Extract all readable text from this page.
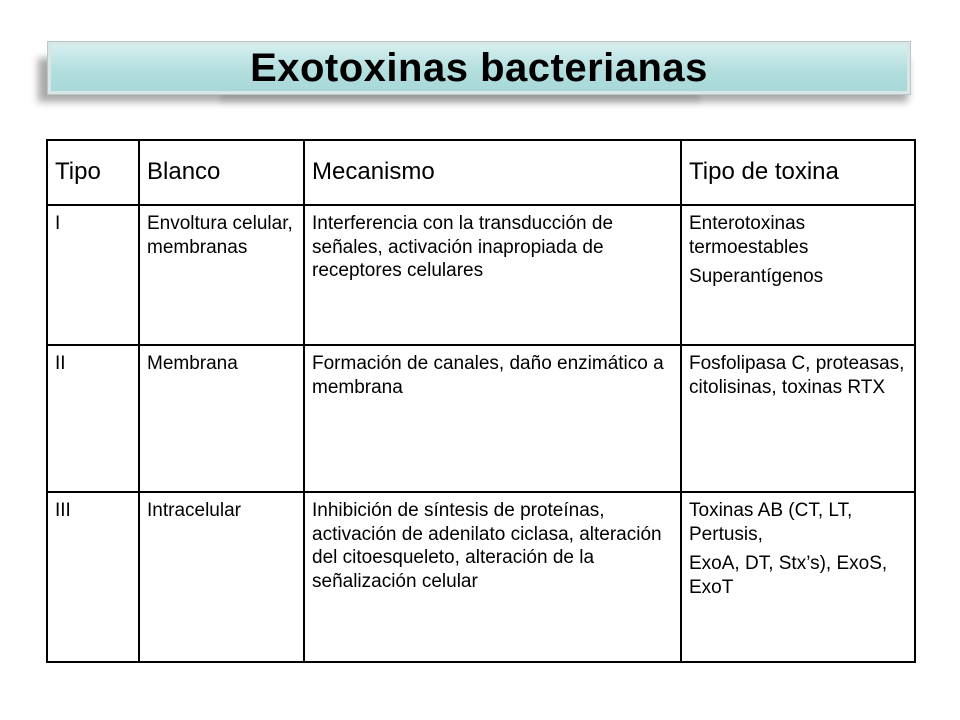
Exotoxinas bacterianas
Tipo	Blanco	Mecanismo	Tipo de toxina
I	Envoltura celular, membranas	Interferencia con la transducción de señales, activación inapropiada de receptores celulares	Enterotoxinas termoestables
Superantígenos

II	Membrana	Formación de canales, daño enzimático a membrana	Fosfolipasa C, proteasas, citolisinas, toxinas RTX

III	Intracelular	Inhibición de síntesis de proteínas, activación de adenilato ciclasa, alteración del citoesqueleto, alteración de la señalización celular	Toxinas AB (CT, LT, Pertusis,
ExoA, DT, Stx’s), ExoS, ExoT
